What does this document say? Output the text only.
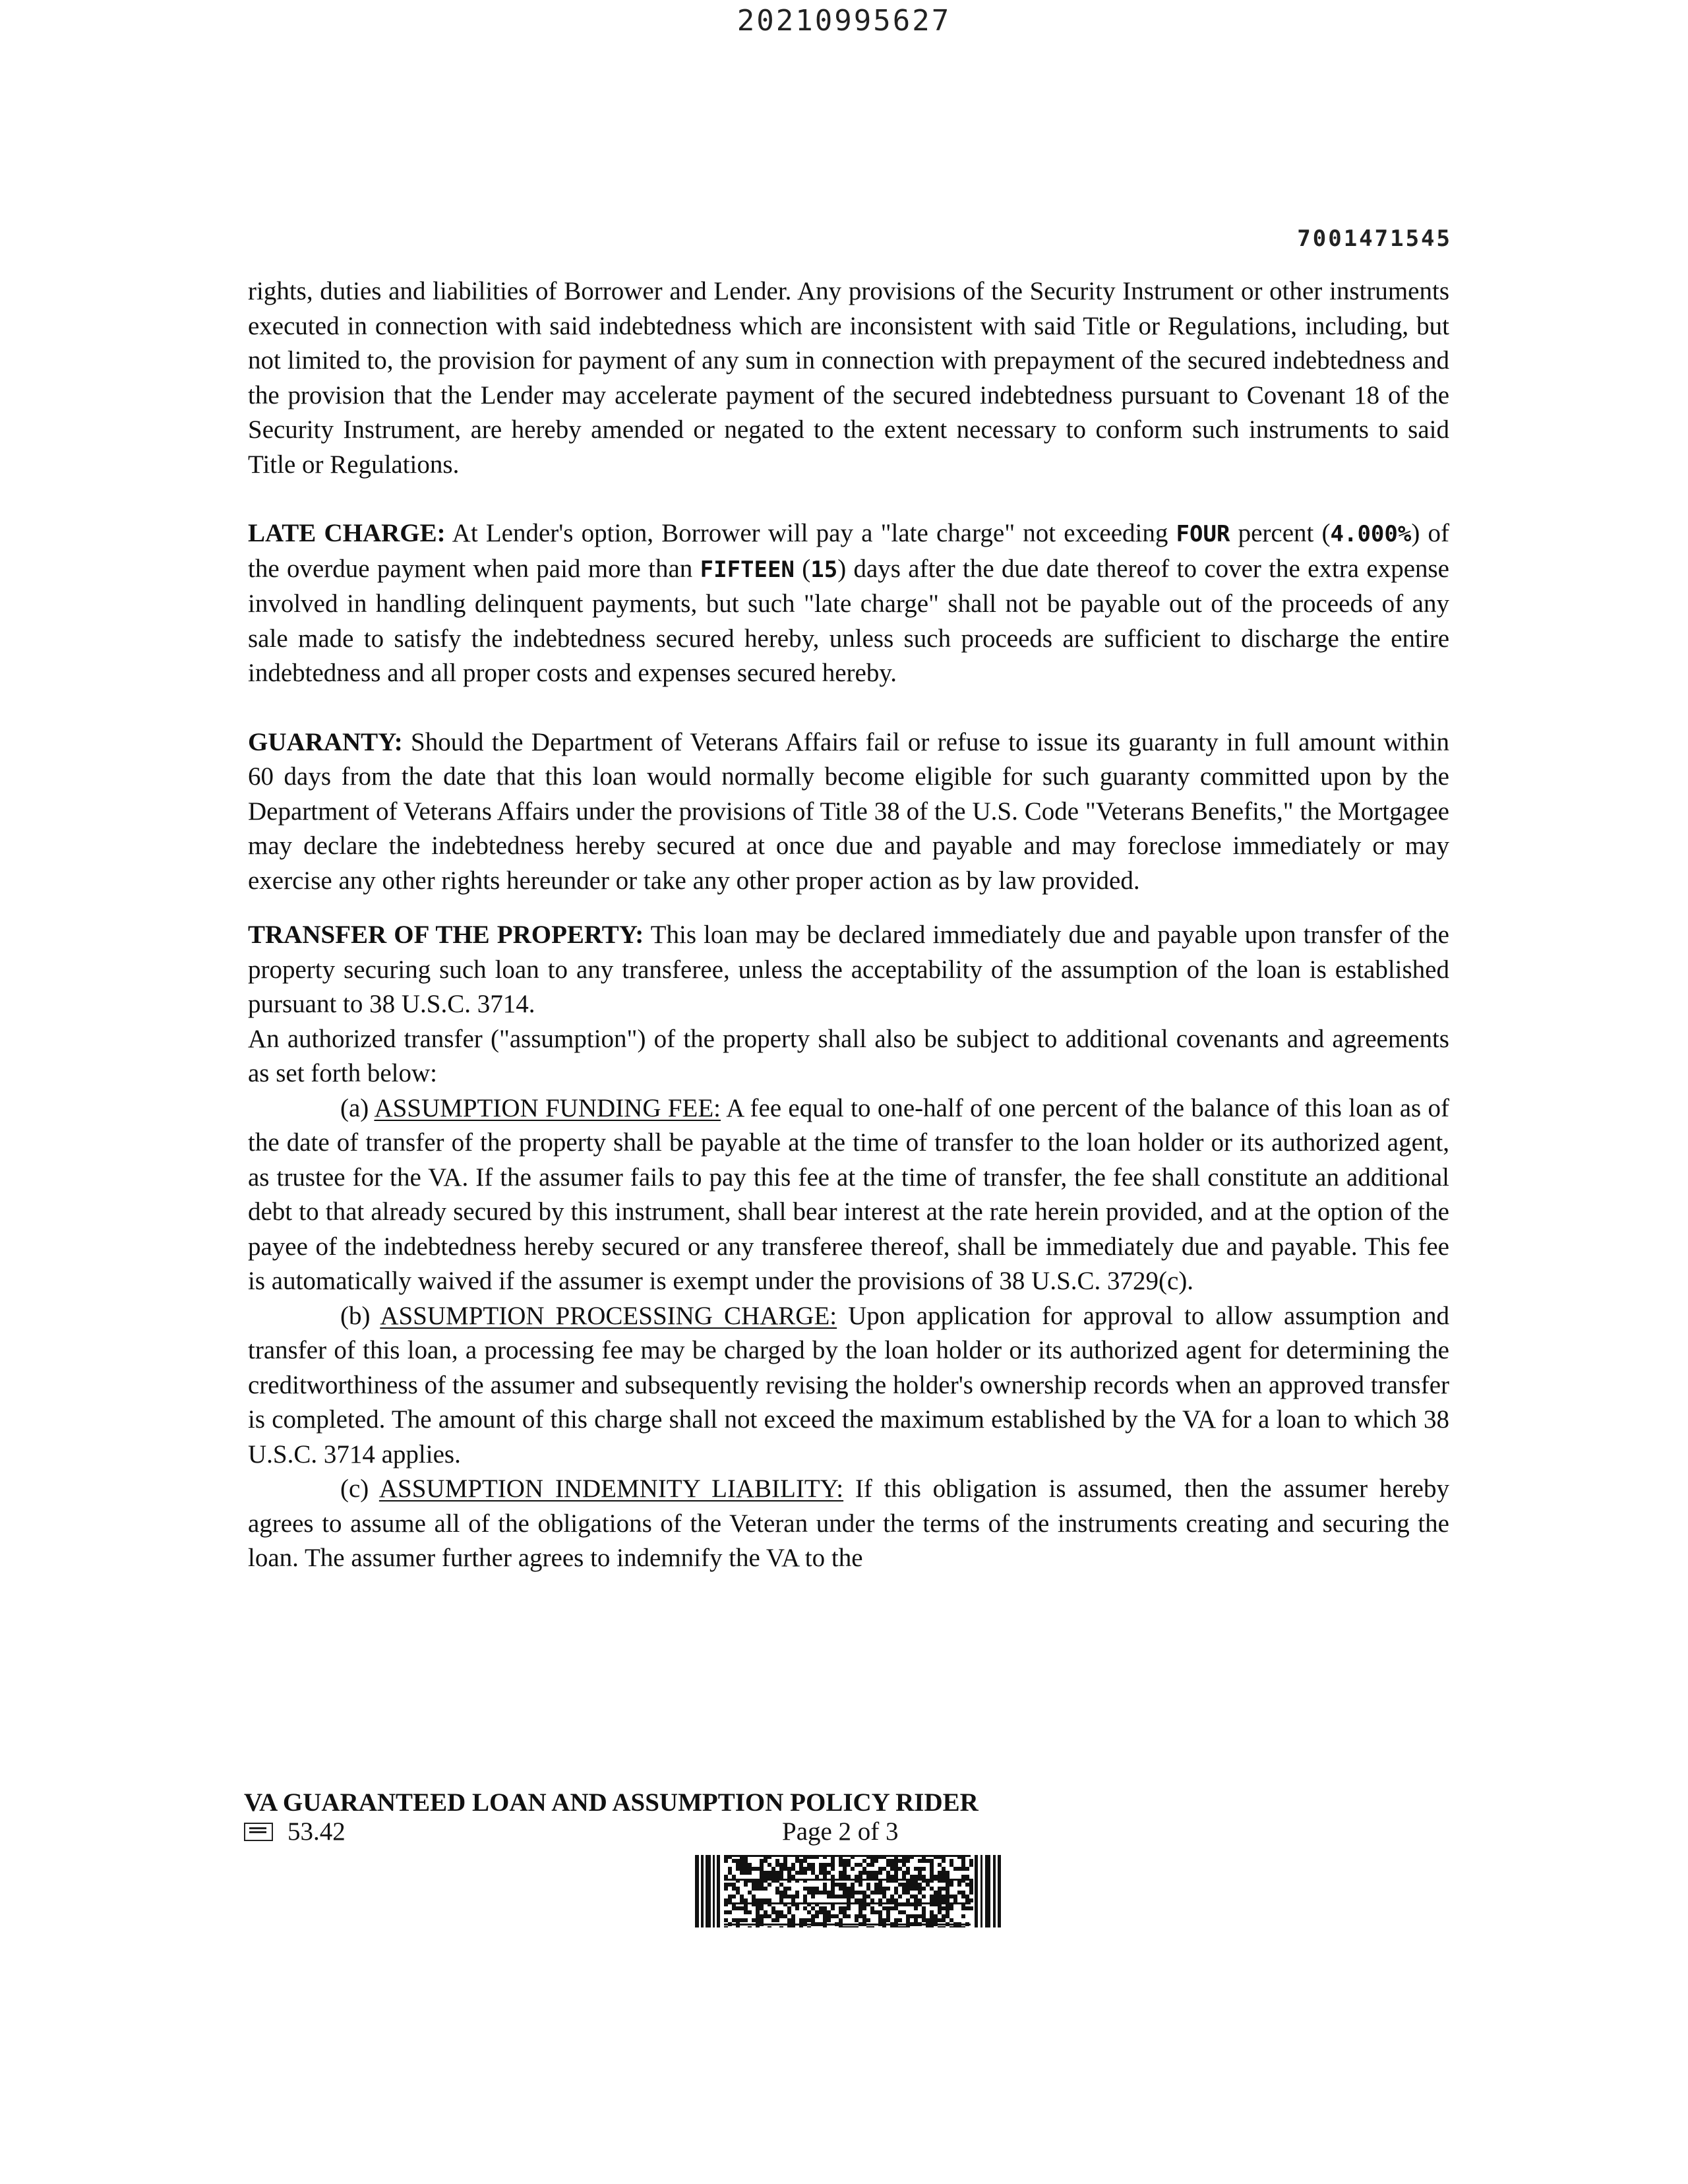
20210995627
7001471545

rights, duties and liabilities of Borrower and Lender. Any provisions of the Security Instrument or other instruments executed in connection with said indebtedness which are inconsistent with said Title or Regulations, including, but not limited to, the provision for payment of any sum in connection with prepayment of the secured indebtedness and the provision that the Lender may accelerate payment of the secured indebtedness pursuant to Covenant 18 of the Security Instrument, are hereby amended or negated to the extent necessary to conform such instruments to said Title or Regulations.

LATE CHARGE: At Lender's option, Borrower will pay a "late charge" not exceeding FOUR percent (4.000%) of the overdue payment when paid more than FIFTEEN (15) days after the due date thereof to cover the extra expense involved in handling delinquent payments, but such "late charge" shall not be payable out of the proceeds of any sale made to satisfy the indebtedness secured hereby, unless such proceeds are sufficient to discharge the entire indebtedness and all proper costs and expenses secured hereby.

GUARANTY: Should the Department of Veterans Affairs fail or refuse to issue its guaranty in full amount within 60 days from the date that this loan would normally become eligible for such guaranty committed upon by the Department of Veterans Affairs under the provisions of Title 38 of the U.S. Code "Veterans Benefits," the Mortgagee may declare the indebtedness hereby secured at once due and payable and may foreclose immediately or may exercise any other rights hereunder or take any other proper action as by law provided.

TRANSFER OF THE PROPERTY: This loan may be declared immediately due and payable upon transfer of the property securing such loan to any transferee, unless the acceptability of the assumption of the loan is established pursuant to 38 U.S.C. 3714.

An authorized transfer ("assumption") of the property shall also be subject to additional covenants and agreements as set forth below:

(a) ASSUMPTION FUNDING FEE: A fee equal to one-half of one percent of the balance of this loan as of the date of transfer of the property shall be payable at the time of transfer to the loan holder or its authorized agent, as trustee for the VA. If the assumer fails to pay this fee at the time of transfer, the fee shall constitute an additional debt to that already secured by this instrument, shall bear interest at the rate herein provided, and at the option of the payee of the indebtedness hereby secured or any transferee thereof, shall be immediately due and payable. This fee is automatically waived if the assumer is exempt under the provisions of 38 U.S.C. 3729(c).

(b) ASSUMPTION PROCESSING CHARGE: Upon application for approval to allow assumption and transfer of this loan, a processing fee may be charged by the loan holder or its authorized agent for determining the creditworthiness of the assumer and subsequently revising the holder's ownership records when an approved transfer is completed. The amount of this charge shall not exceed the maximum established by the VA for a loan to which 38 U.S.C. 3714 applies.

(c) ASSUMPTION INDEMNITY LIABILITY: If this obligation is assumed, then the assumer hereby agrees to assume all of the obligations of the Veteran under the terms of the instruments creating and securing the loan. The assumer further agrees to indemnify the VA to the

VA GUARANTEED LOAN AND ASSUMPTION POLICY RIDER
53.42	Page 2 of 3
